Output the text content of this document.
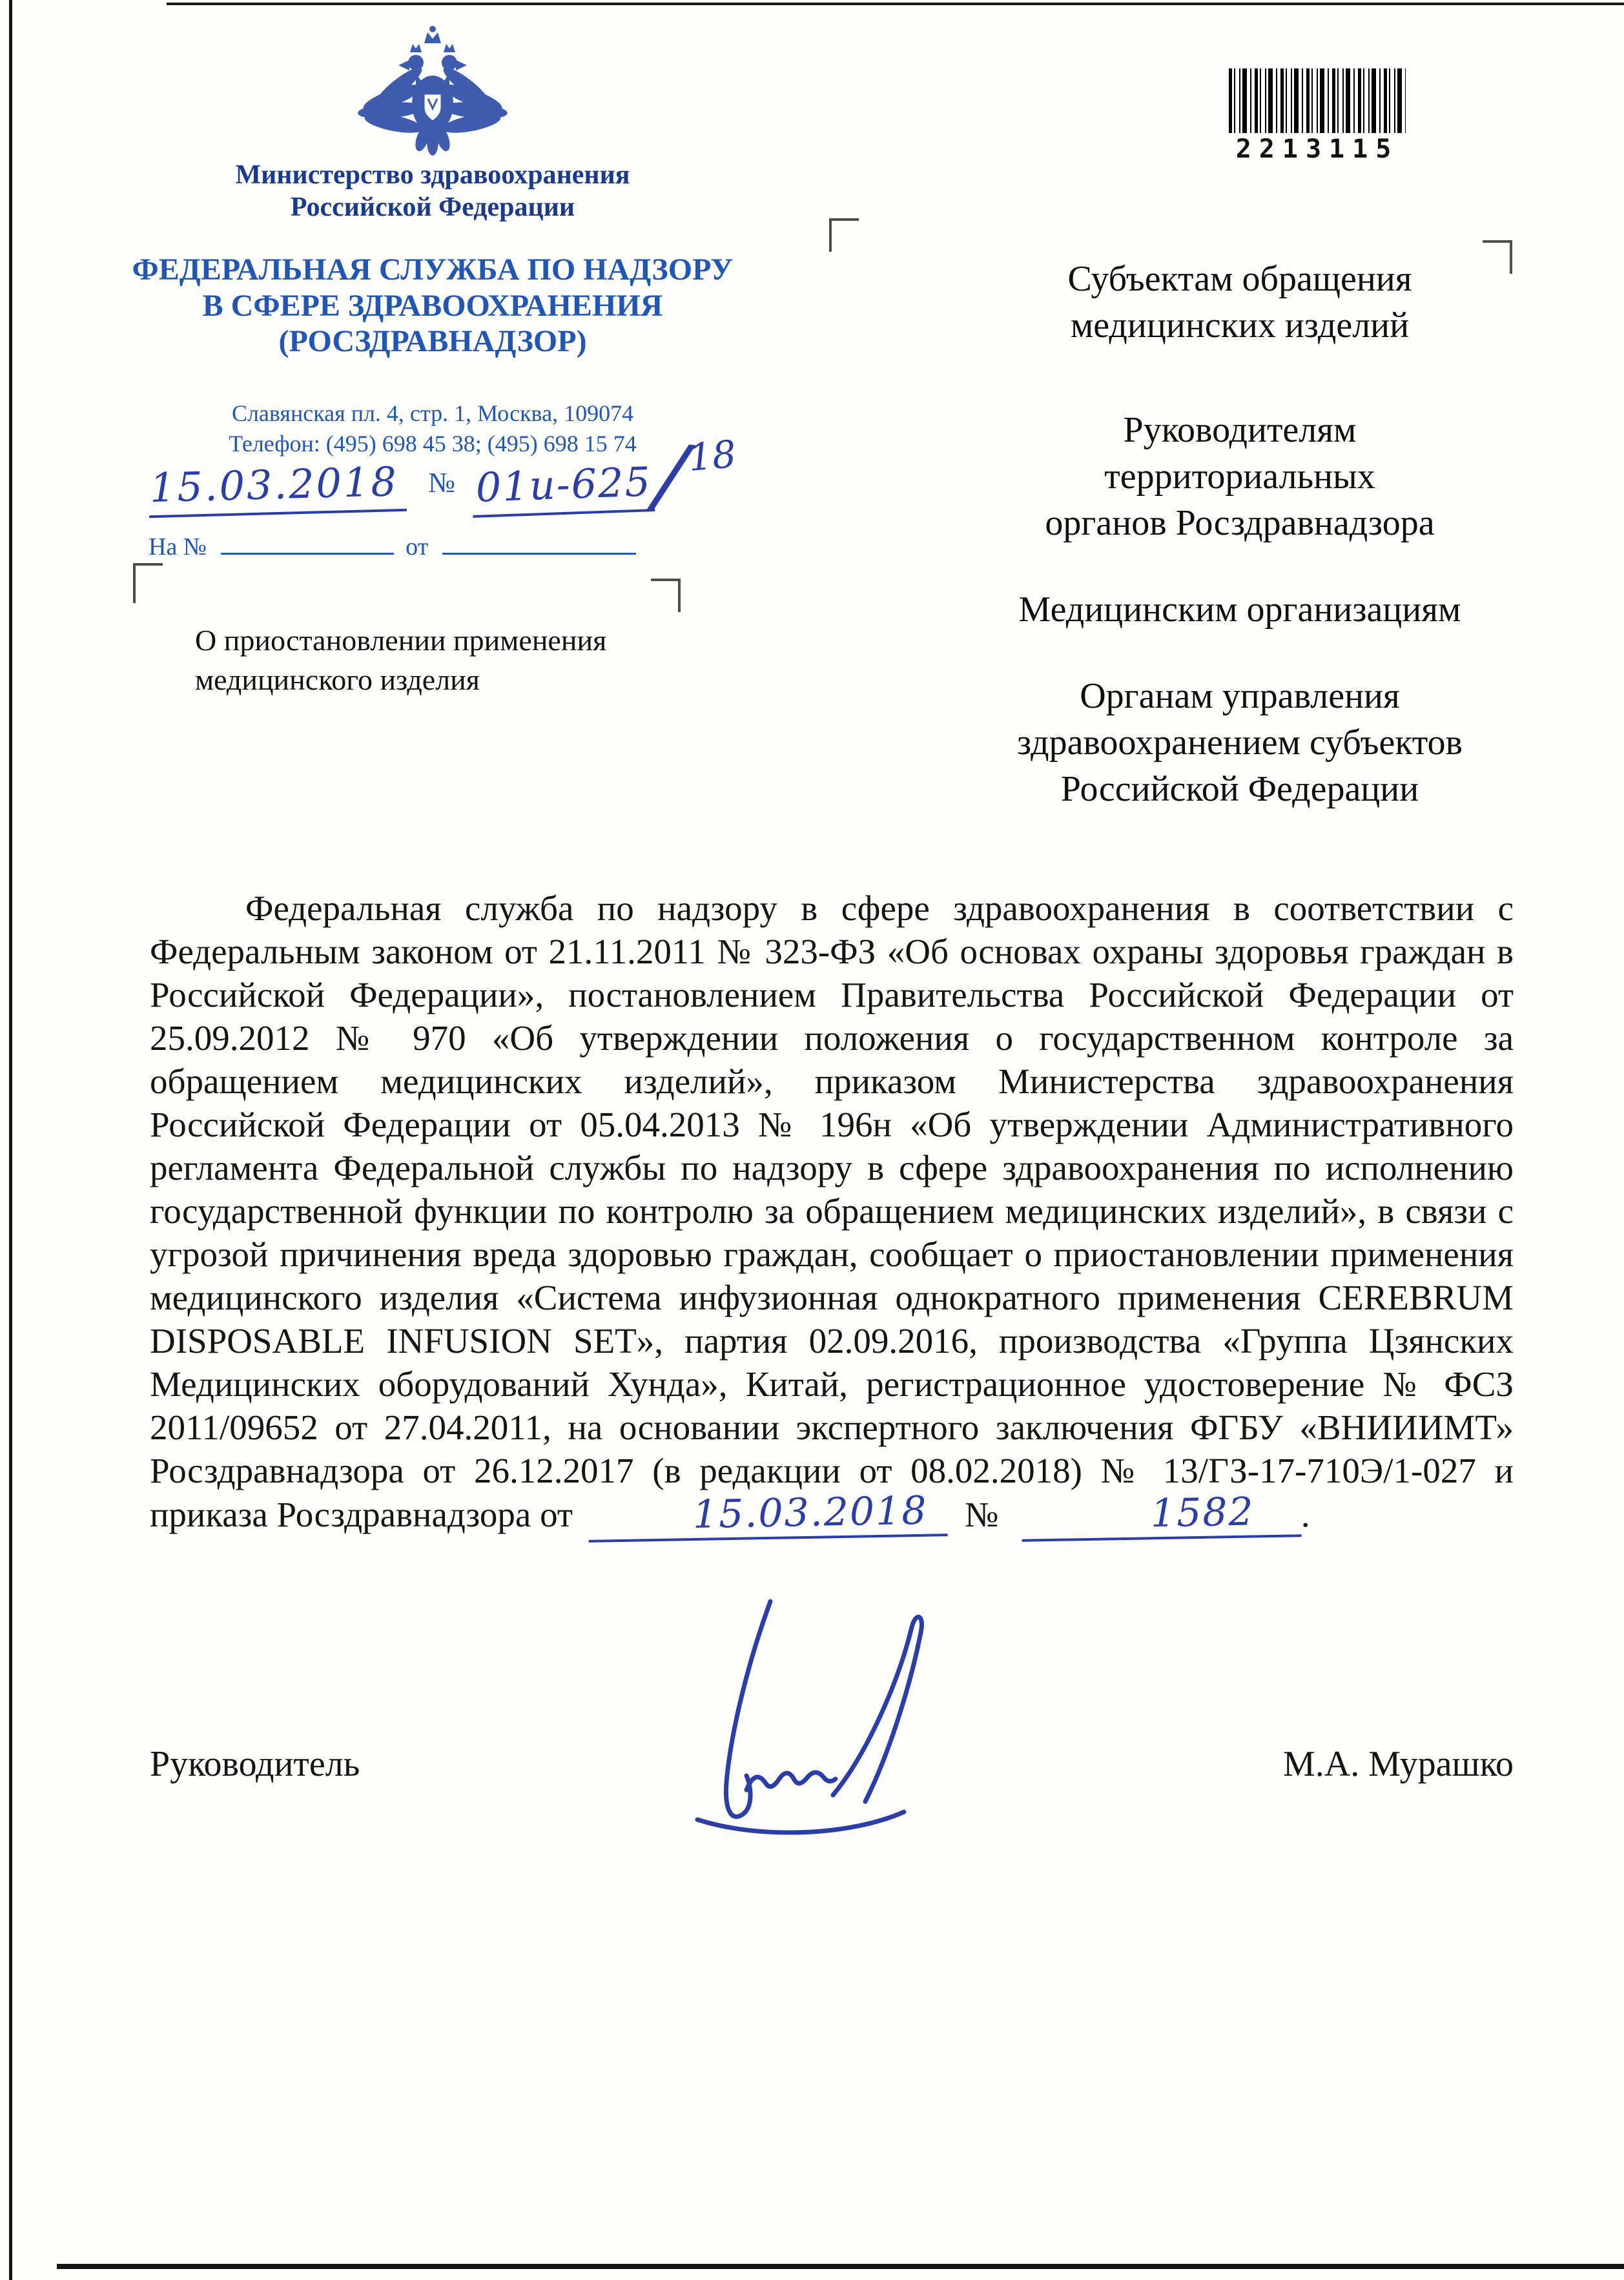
2213115
Министерство здравоохранения
Российской Федерации
ФЕДЕРАЛЬНАЯ СЛУЖБА ПО НАДЗОРУ
В СФЕРЕ ЗДРАВООХРАНЕНИЯ
(РОСЗДРАВНАДЗОР)
Славянская пл. 4, стр. 1, Москва, 109074
Телефон: (495) 698 45 38; (495) 698 15 74
15.03.2018 № 01и-625 / 18
На №	от
О приостановлении применения
медицинского изделия
Субъектам обращения
медицинских изделий
Руководителям
территориальных
органов Росздравнадзора
Медицинским организациям
Органам управления
здравоохранением субъектов
Российской Федерации

Федеральная служба по надзору в сфере здравоохранения в соответствии с Федеральным законом от 21.11.2011 № 323-ФЗ «Об основах охраны здоровья граждан в Российской Федерации», постановлением Правительства Российской Федерации от 25.09.2012 № 970 «Об утверждении положения о государственном контроле за обращением медицинских изделий», приказом Министерства здравоохранения Российской Федерации от 05.04.2013 № 196н «Об утверждении Административного регламента Федеральной службы по надзору в сфере здравоохранения по исполнению государственной функции по контролю за обращением медицинских изделий», в связи с угрозой причинения вреда здоровью граждан, сообщает о приостановлении применения медицинского изделия «Система инфузионная однократного применения CEREBRUM DISPOSABLE INFUSION SET», партия 02.09.2016, производства «Группа Цзянских Медицинских оборудований Хунда», Китай, регистрационное удостоверение № ФСЗ 2011/09652 от 27.04.2011, на основании экспертного заключения ФГБУ «ВНИИИМТ» Росздравнадзора от 26.12.2017 (в редакции от 08.02.2018) № 13/ГЗ-17-710Э/1-027 и приказа Росздравнадзора от	15.03.2018 №	1582 .

Руководитель	М.А. Мурашко
